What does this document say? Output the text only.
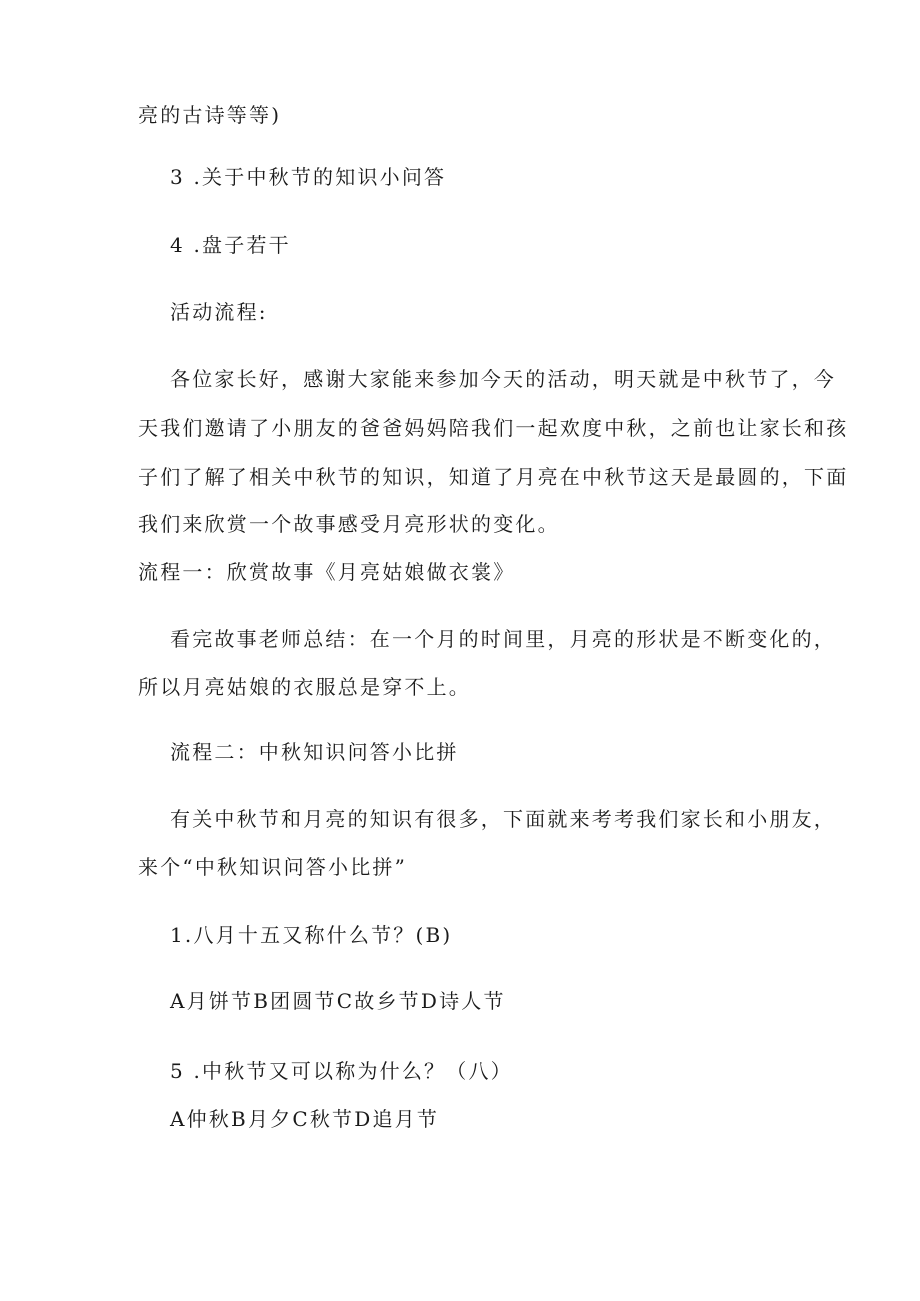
亮的古诗等等)
3 .关于中秋节的知识小问答
4 .盘子若干
活动流程:
各位家长好，感谢大家能来参加今天的活动，明天就是中秋节了，今
天我们邀请了小朋友的爸爸妈妈陪我们一起欢度中秋，之前也让家长和孩
子们了解了相关中秋节的知识，知道了月亮在中秋节这天是最圆的，下面
我们来欣赏一个故事感受月亮形状的变化。
流程一：欣赏故事《月亮姑娘做衣裳》
看完故事老师总结：在一个月的时间里，月亮的形状是不断变化的，
所以月亮姑娘的衣服总是穿不上。
流程二：中秋知识问答小比拼
有关中秋节和月亮的知识有很多，下面就来考考我们家长和小朋友，
来个“中秋知识问答小比拼”
1.八月十五又称什么节？(B)
A月饼节B团圆节C故乡节D诗人节
5 .中秋节又可以称为什么？（八）
A仲秋B月夕C秋节D追月节
